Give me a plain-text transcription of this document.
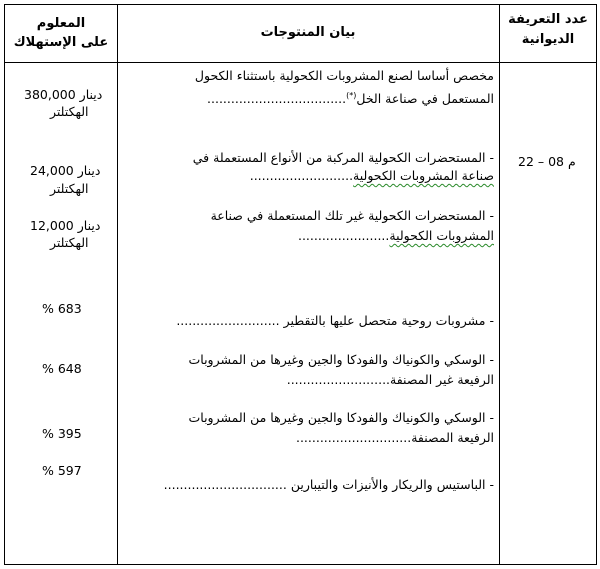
عدد التعريفة
الديوانية
بيان المنتوجات
المعلوم
على الإستهلاك
م 08 – 22
مخصص أساسا لصنع المشروبات الكحولية باستثناء الكحول
المستعمل في صناعة الخل(*)...................................
380,000 دينار
الهكتلتر
- المستحضرات الكحولية المركبة من الأنواع المستعملة في
صناعة المشروبات الكحولية..........................
24,000 دينار
الهكتلتر
- المستحضرات الكحولية غير تلك المستعملة في صناعة
المشروبات الكحولية.......................
12,000 دينار
الهكتلتر
- مشروبات روحية متحصل عليها بالتقطير ..........................
% 683
- الوسكي والكونياك والفودكا والجين وغيرها من المشروبات
الرفيعة غير المصنفة..........................
% 648
- الوسكي والكونياك والفودكا والجين وغيرها من المشروبات
الرفيعة المصنفة.............................
% 395
- الباستيس والريكار والأنيزات والتيبارين ...............................
% 597
